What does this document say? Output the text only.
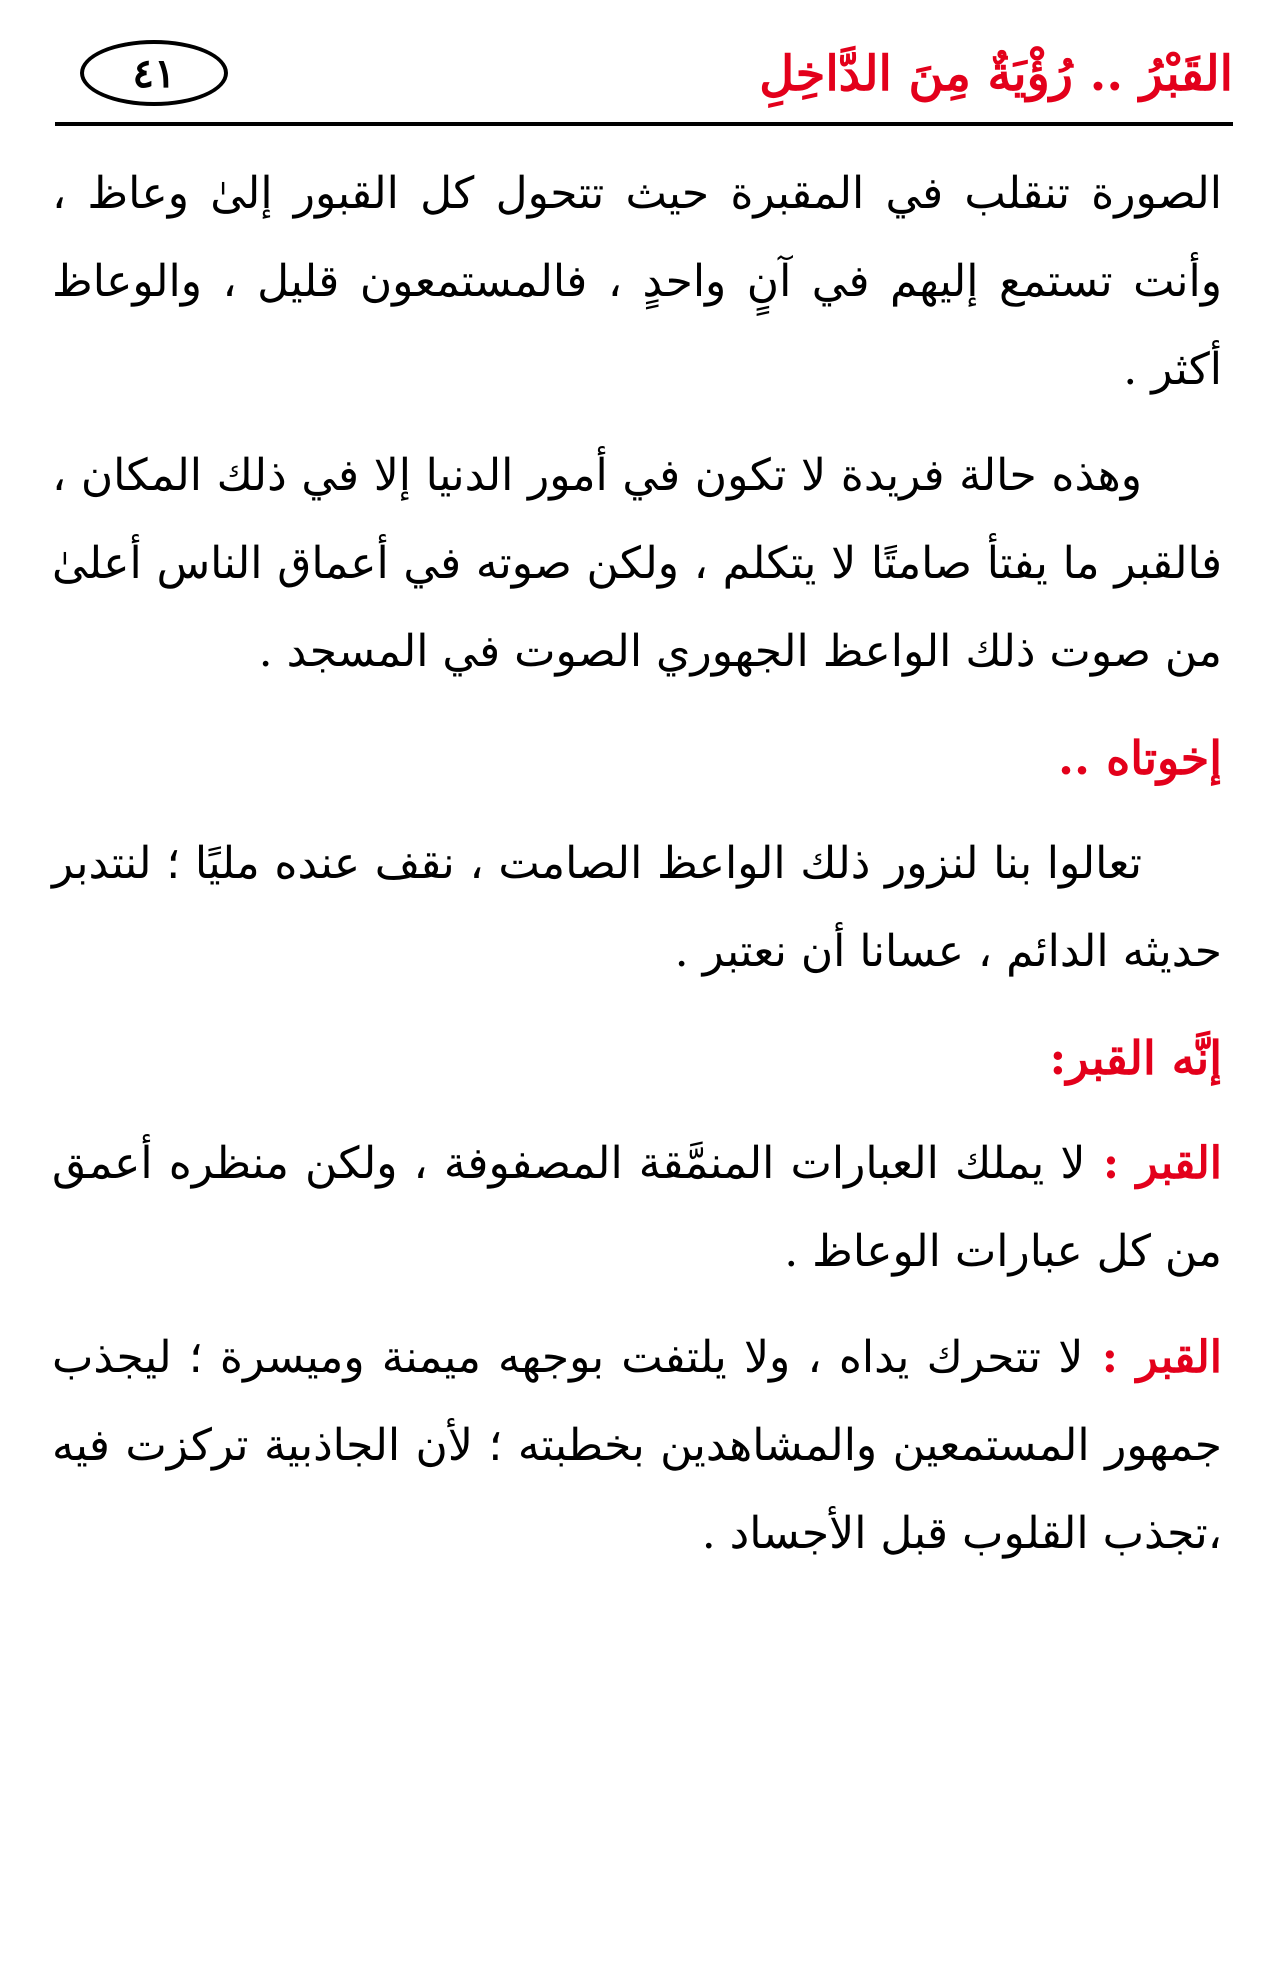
القَبْرُ .. رُؤْيَةٌ مِنَ الدَّاخِلِ
٤١

الصورة تنقلب في المقبرة حيث تتحول كل القبور إلىٰ وعاظ ، وأنت تستمع إليهم في آنٍ واحدٍ ، فالمستمعون قليل ، والوعاظ أكثر .

وهذه حالة فريدة لا تكون في أمور الدنيا إلا في ذلك المكان ، فالقبر ما يفتأ صامتًا لا يتكلم ، ولكن صوته في أعماق الناس أعلىٰ من صوت ذلك الواعظ الجهوري الصوت في المسجد .

إخوتاه ..

تعالوا بنا لنزور ذلك الواعظ الصامت ، نقف عنده مليًا ؛ لنتدبر حديثه الدائم ، عسانا أن نعتبر .

إنَّه القبر:

القبر : لا يملك العبارات المنمَّقة المصفوفة ، ولكن منظره أعمق من كل عبارات الوعاظ .

القبر : لا تتحرك يداه ، ولا يلتفت بوجهه ميمنة وميسرة ؛ ليجذب جمهور المستمعين والمشاهدين بخطبته ؛ لأن الجاذبية تركزت فيه ،تجذب القلوب قبل الأجساد .
